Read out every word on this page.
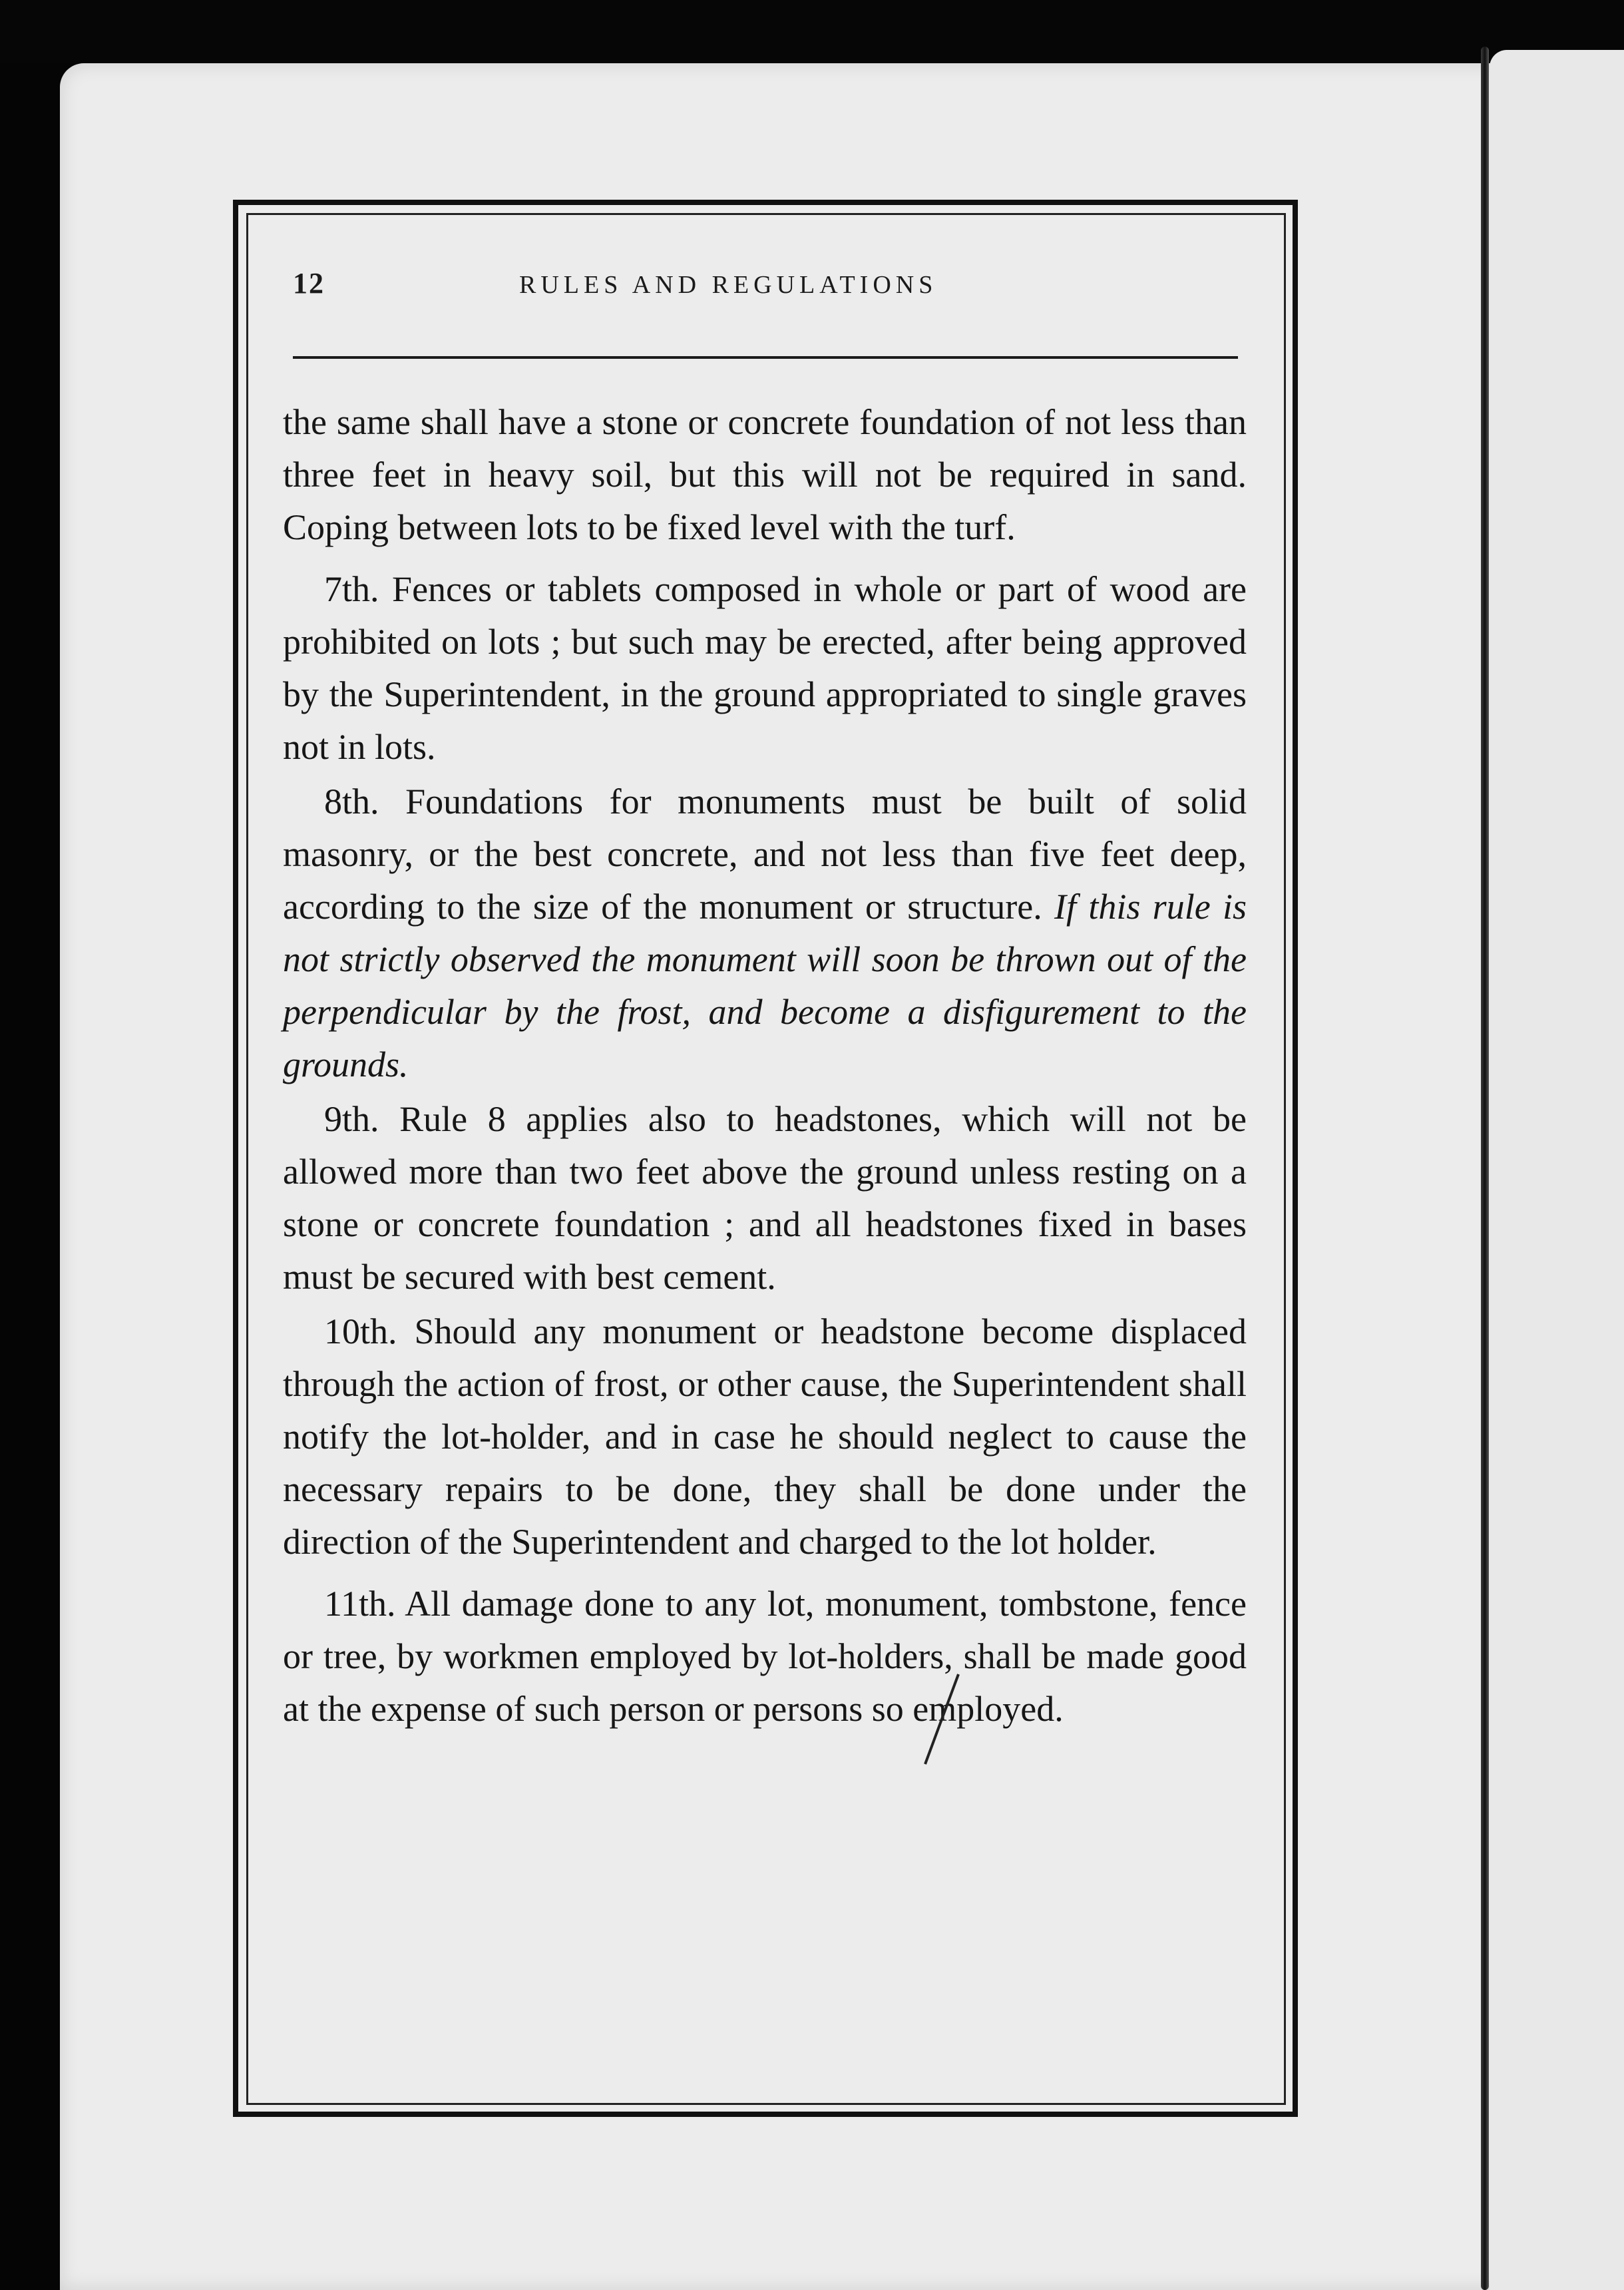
12	RULES AND REGULATIONS

the same shall have a stone or concrete foundation of not less than three feet in heavy soil, but this will not be required in sand. Coping between lots to be fixed level with the turf.

7th. Fences or tablets composed in whole or part of wood are prohibited on lots ; but such may be erected, after being approved by the Superintendent, in the ground appropriated to single graves not in lots.

8th. Foundations for monuments must be built of solid masonry, or the best concrete, and not less than five feet deep, according to the size of the monument or structure. If this rule is not strictly observed the monument will soon be thrown out of the perpendicular by the frost, and become a disfigurement to the grounds.

9th. Rule 8 applies also to headstones, which will not be allowed more than two feet above the ground unless resting on a stone or concrete foundation ; and all headstones fixed in bases must be secured with best cement.

10th. Should any monument or headstone become displaced through the action of frost, or other cause, the Superintendent shall notify the lot-holder, and in case he should neglect to cause the necessary repairs to be done, they shall be done under the direction of the Superintendent and charged to the lot holder.

11th. All damage done to any lot, monument, tombstone, fence or tree, by workmen employed by lot-holders, shall be made good at the expense of such person or persons so employed.
